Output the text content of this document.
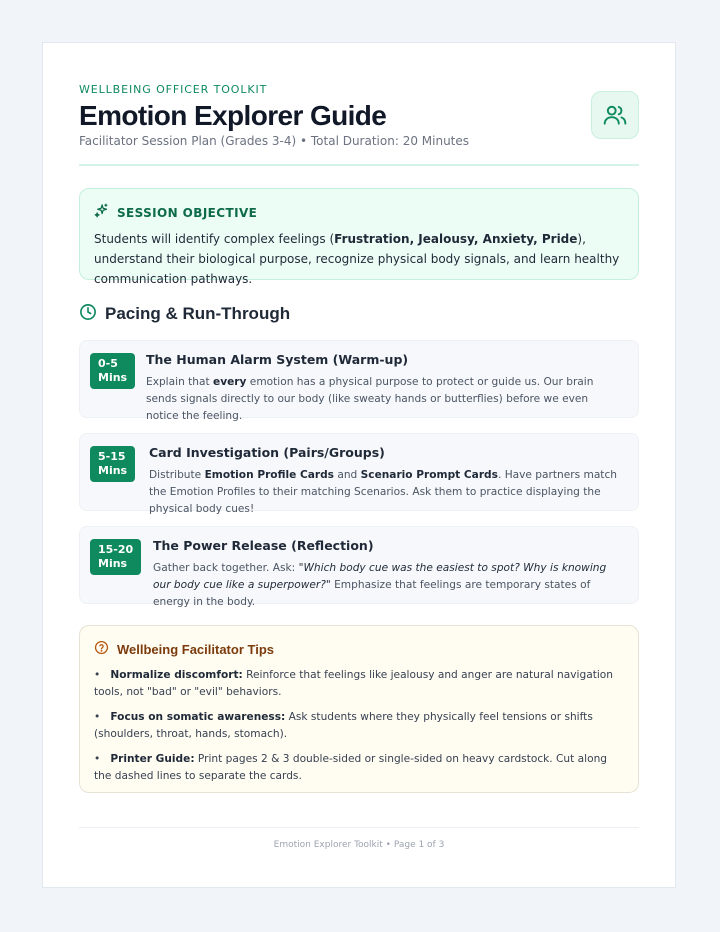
WELLBEING OFFICER TOOLKIT
Emotion Explorer Guide
Facilitator Session Plan (Grades 3-4) • Total Duration: 20 Minutes
SESSION OBJECTIVE
Students will identify complex feelings (Frustration, Jealousy, Anxiety, Pride), understand their biological purpose, recognize physical body signals, and learn healthy communication pathways.
Pacing & Run-Through
0-5
Mins
The Human Alarm System (Warm-up)
Explain that every emotion has a physical purpose to protect or guide us. Our brain sends signals directly to our body (like sweaty hands or butterflies) before we even notice the feeling.
5-15
Mins
Card Investigation (Pairs/Groups)
Distribute Emotion Profile Cards and Scenario Prompt Cards. Have partners match the Emotion Profiles to their matching Scenarios. Ask them to practice displaying the physical body cues!
15-20
Mins
The Power Release (Reflection)
Gather back together. Ask: "Which body cue was the easiest to spot? Why is knowing our body cue like a superpower?" Emphasize that feelings are temporary states of energy in the body.
Wellbeing Facilitator Tips
•   Normalize discomfort: Reinforce that feelings like jealousy and anger are natural navigation tools, not "bad" or "evil" behaviors.
•   Focus on somatic awareness: Ask students where they physically feel tensions or shifts (shoulders, throat, hands, stomach).
•   Printer Guide: Print pages 2 & 3 double-sided or single-sided on heavy cardstock. Cut along the dashed lines to separate the cards.
Emotion Explorer Toolkit • Page 1 of 3
